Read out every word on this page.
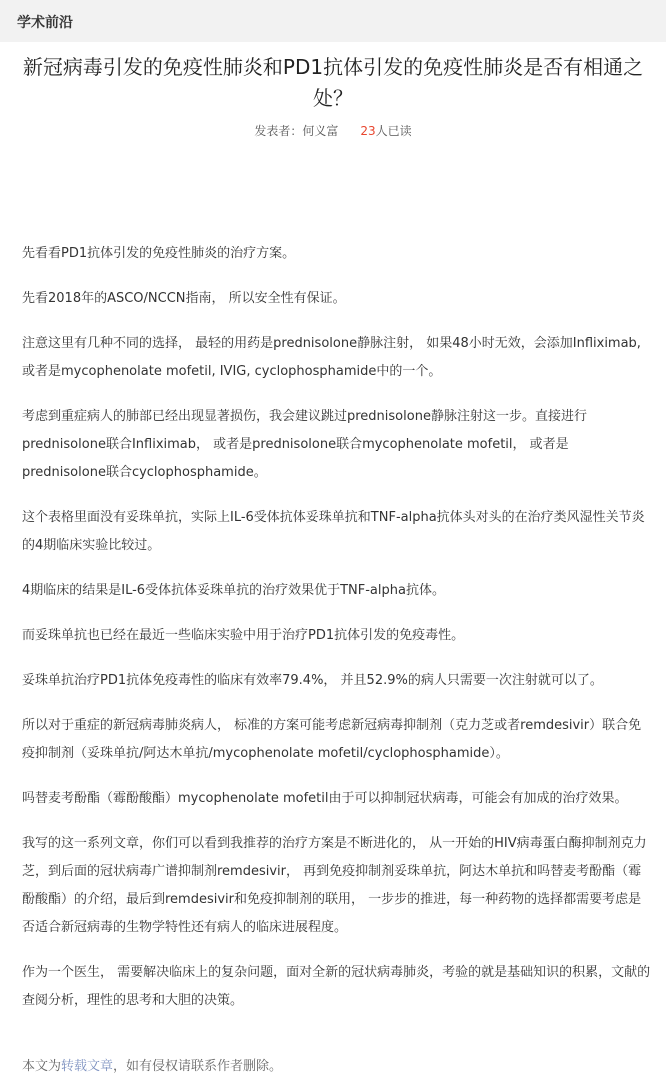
学术前沿
新冠病毒引发的免疫性肺炎和PD1抗体引发的免疫性肺炎是否有相通之处？
发表者：何义富 23人已读

先看看PD1抗体引发的免疫性肺炎的治疗方案。

先看2018年的ASCO/NCCN指南， 所以安全性有保证。

注意这里有几种不同的选择， 最轻的用药是prednisolone静脉注射， 如果48小时无效，会添加Infliximab, 或者是mycophenolate mofetil, IVIG, cyclophosphamide中的一个。

考虑到重症病人的肺部已经出现显著损伤，我会建议跳过prednisolone静脉注射这一步。直接进行prednisolone联合Infliximab， 或者是prednisolone联合mycophenolate mofetil， 或者是prednisolone联合cyclophosphamide。

这个表格里面没有妥珠单抗，实际上IL-6受体抗体妥珠单抗和TNF-alpha抗体头对头的在治疗类风湿性关节炎的4期临床实验比较过。

4期临床的结果是IL-6受体抗体妥珠单抗的治疗效果优于TNF-alpha抗体。

而妥珠单抗也已经在最近一些临床实验中用于治疗PD1抗体引发的免疫毒性。

妥珠单抗治疗PD1抗体免疫毒性的临床有效率79.4%， 并且52.9%的病人只需要一次注射就可以了。

所以对于重症的新冠病毒肺炎病人， 标准的方案可能考虑新冠病毒抑制剂（克力芝或者remdesivir）联合免疫抑制剂（妥珠单抗/阿达木单抗/mycophenolate mofetil/cyclophosphamide）。

吗替麦考酚酯（霉酚酸酯）mycophenolate mofetil由于可以抑制冠状病毒，可能会有加成的治疗效果。

我写的这一系列文章，你们可以看到我推荐的治疗方案是不断进化的， 从一开始的HIV病毒蛋白酶抑制剂克力芝，到后面的冠状病毒广谱抑制剂remdesivir， 再到免疫抑制剂妥珠单抗，阿达木单抗和吗替麦考酚酯（霉酚酸酯）的介绍，最后到remdesivir和免疫抑制剂的联用， 一步步的推进，每一种药物的选择都需要考虑是否适合新冠病毒的生物学特性还有病人的临床进展程度。

作为一个医生， 需要解决临床上的复杂问题，面对全新的冠状病毒肺炎，考验的就是基础知识的积累，文献的查阅分析，理性的思考和大胆的决策。

本文为转载文章，如有侵权请联系作者删除。
